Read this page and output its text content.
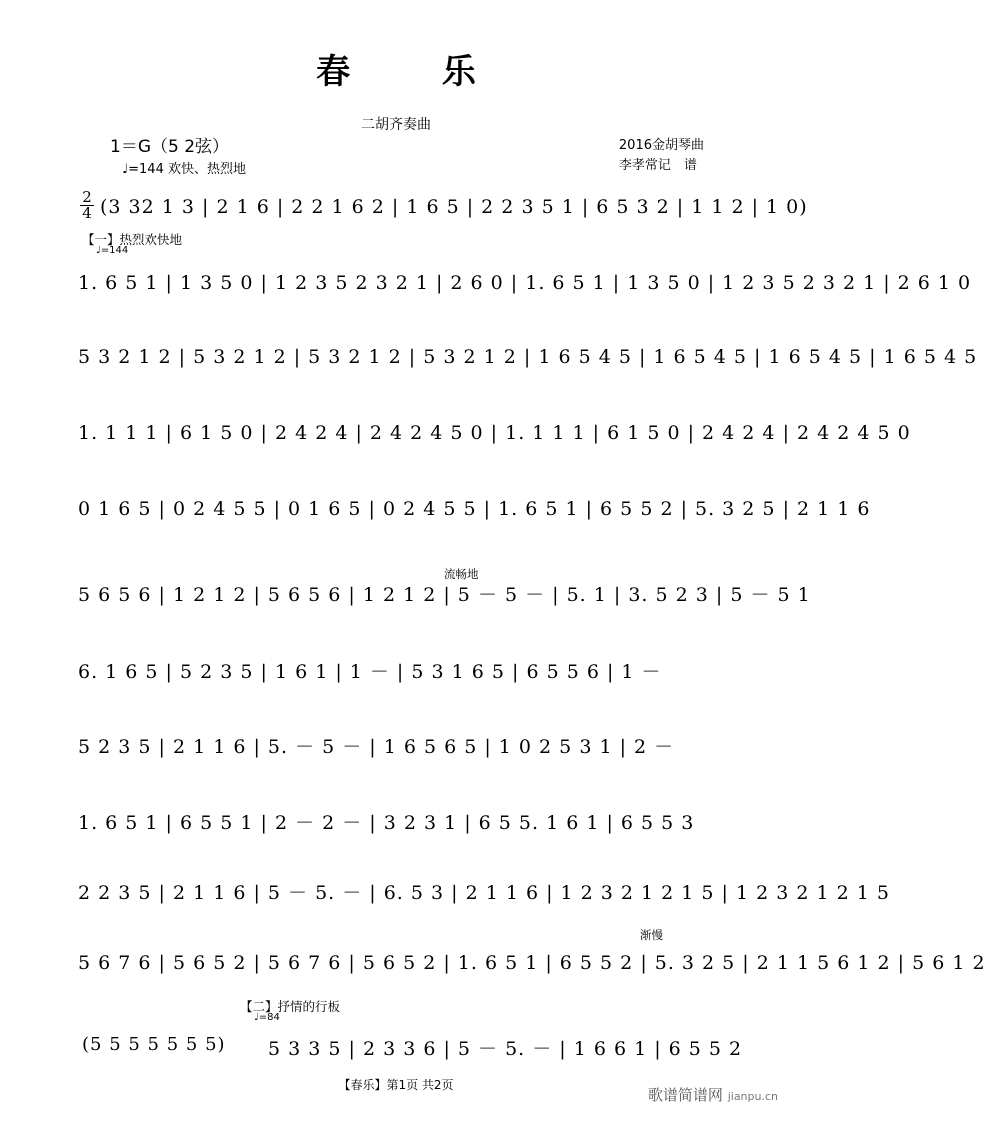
春 乐
二胡齐奏曲
1＝G（5 2弦）
♩=144 欢快、热烈地
2016金胡琴曲
李孝常记　谱
2
4 (3 32 1 3 | 2 1 6 | 2 2 1 6 2 | 1 6 5 | 2 2 3 5 1 | 6 5 3 2 | 1 1 2 | 1 0)
【一】热烈欢快地
♩=144
1. 6 5 1 | 1 3 5 0 | 1 2 3 5 2 3 2 1 | 2 6 0 | 1. 6 5 1 | 1 3 5 0 | 1 2 3 5 2 3 2 1 | 2 6 1 0
5 3 2 1 2 | 5 3 2 1 2 | 5 3 2 1 2 | 5 3 2 1 2 | 1 6 5 4 5 | 1 6 5 4 5 | 1 6 5 4 5 | 1 6 5 4 5
1. 1 1 1 | 6 1 5 0 | 2 4 2 4 | 2 4 2 4 5 0 | 1. 1 1 1 | 6 1 5 0 | 2 4 2 4 | 2 4 2 4 5 0
0 1 6 5 | 0 2 4 5 5 | 0 1 6 5 | 0 2 4 5 5 | 1. 6 5 1 | 6 5 5 2 | 5. 3 2 5 | 2 1 1 6
流畅地
5 6 5 6 | 1 2 1 2 | 5 6 5 6 | 1 2 1 2 | 5 － 5 － | 5. 1 | 3. 5 2 3 | 5 － 5 1
6. 1 6 5 | 5 2 3 5 | 1 6 1 | 1 － | 5 3 1 6 5 | 6 5 5 6 | 1 －
5 2 3 5 | 2 1 1 6 | 5. － 5 － | 1 6 5 6 5 | 1 0 2 5 3 1 | 2 －
1. 6 5 1 | 6 5 5 1 | 2 － 2 － | 3 2 3 1 | 6 5 5. 1 6 1 | 6 5 5 3
2 2 3 5 | 2 1 1 6 | 5 － 5. － | 6. 5 3 | 2 1 1 6 | 1 2 3 2 1 2 1 5 | 1 2 3 2 1 2 1 5
渐慢
5 6 7 6 | 5 6 5 2 | 5 6 7 6 | 5 6 5 2 | 1. 6 5 1 | 6 5 5 2 | 5. 3 2 5 | 2 1 1 5 6 1 2 | 5 6 1 2
【二】抒情的行板
♩=84
(5 5 5 5 5 5 5)	5 3 3 5 | 2 3 3 6 | 5 － 5. － | 1 6 6 1 | 6 5 5 2
【春乐】第1页 共2页
歌谱简谱网 jianpu.cn
